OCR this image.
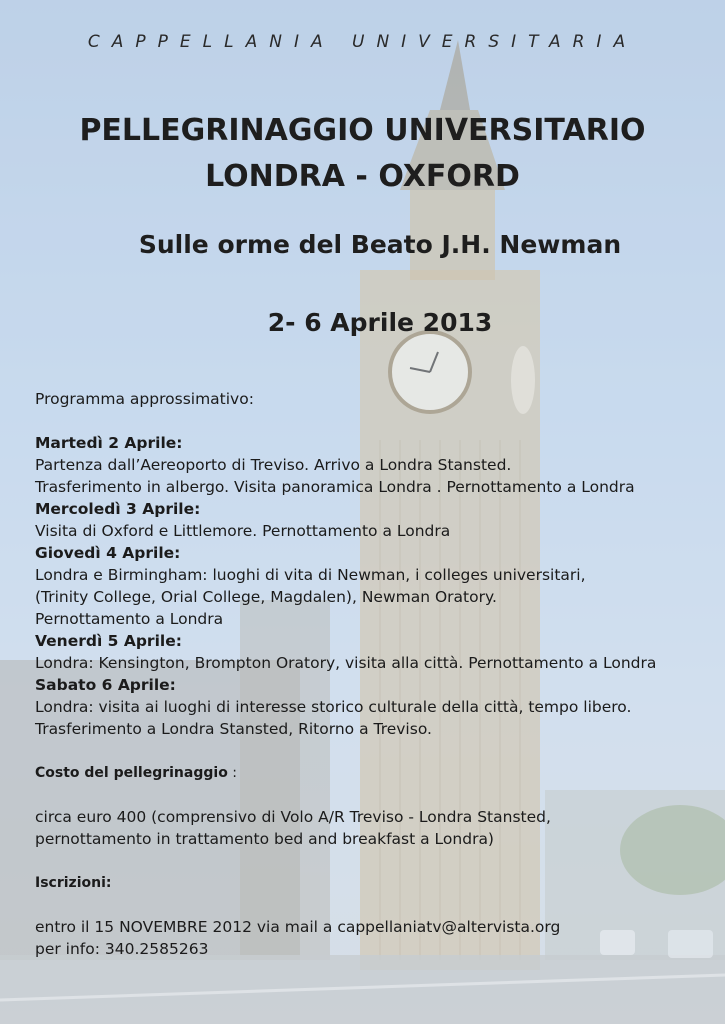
CAPPELLANIA UNIVERSITARIA
PELLEGRINAGGIO UNIVERSITARIO
LONDRA - OXFORD
Sulle orme del Beato J.H. Newman
2- 6 Aprile 2013
Programma approssimativo:
Martedì 2 Aprile:
Partenza dall’Aereoporto di Treviso. Arrivo a Londra Stansted.
Trasferimento in albergo. Visita panoramica Londra . Pernottamento a Londra
Mercoledì 3 Aprile:
Visita di Oxford e Littlemore. Pernottamento a Londra
Giovedì 4 Aprile:
Londra e Birmingham: luoghi di vita di Newman, i colleges universitari,
(Trinity College, Orial College, Magdalen), Newman Oratory.
Pernottamento a Londra
Venerdì 5 Aprile:
Londra: Kensington, Brompton Oratory, visita alla città. Pernottamento a Londra
Sabato 6 Aprile:
Londra: visita ai luoghi di interesse storico culturale della città, tempo libero.
Trasferimento a Londra Stansted, Ritorno a Treviso.
Costo del pellegrinaggio :
circa euro 400 (comprensivo di Volo A/R Treviso - Londra Stansted,
pernottamento in trattamento bed and breakfast a Londra)
Iscrizioni:
entro il 15 NOVEMBRE 2012 via mail a cappellaniatv@altervista.org
per info: 340.2585263
